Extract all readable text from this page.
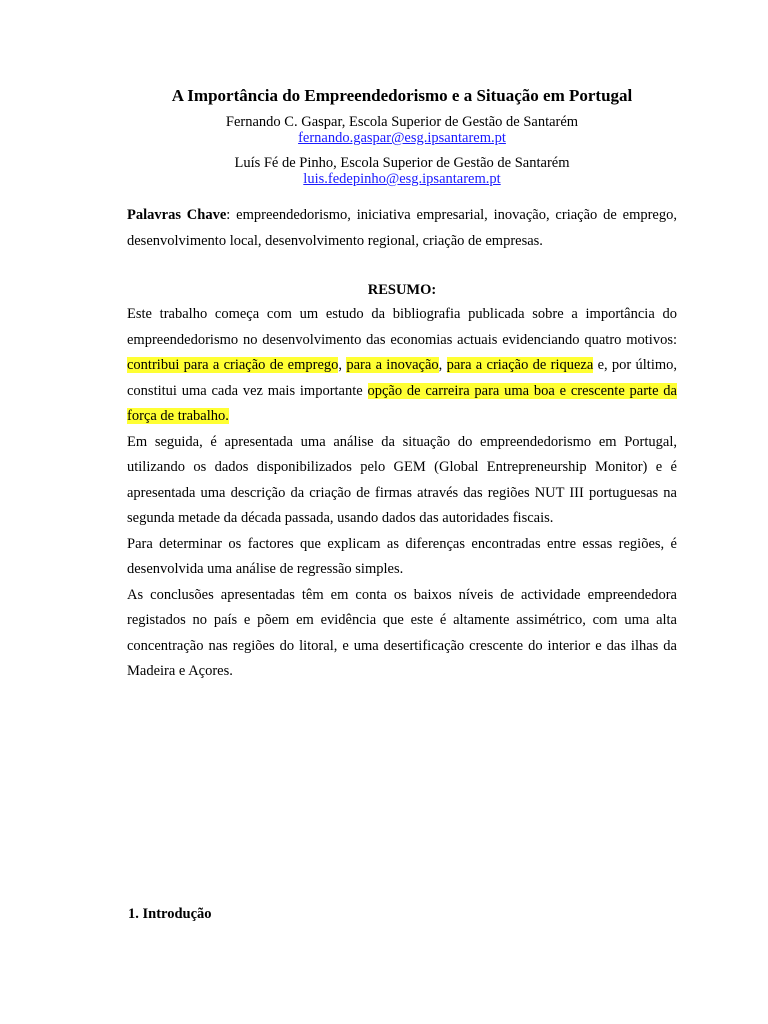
A Importância do Empreendedorismo e a Situação em Portugal
Fernando C. Gaspar, Escola Superior de Gestão de Santarém
fernando.gaspar@esg.ipsantarem.pt
Luís Fé de Pinho, Escola Superior de Gestão de Santarém
luis.fedepinho@esg.ipsantarem.pt
Palavras Chave: empreendedorismo, iniciativa empresarial, inovação, criação de emprego, desenvolvimento local, desenvolvimento regional, criação de empresas.
RESUMO:

Este trabalho começa com um estudo da bibliografia publicada sobre a importância do empreendedorismo no desenvolvimento das economias actuais evidenciando quatro motivos: contribui para a criação de emprego, para a inovação, para a criação de riqueza e, por último, constitui uma cada vez mais importante opção de carreira para uma boa e crescente parte da força de trabalho.

Em seguida, é apresentada uma análise da situação do empreendedorismo em Portugal, utilizando os dados disponibilizados pelo GEM (Global Entrepreneurship Monitor) e é apresentada uma descrição da criação de firmas através das regiões NUT III portuguesas na segunda metade da década passada, usando dados das autoridades fiscais.

Para determinar os factores que explicam as diferenças encontradas entre essas regiões, é desenvolvida uma análise de regressão simples.

As conclusões apresentadas têm em conta os baixos níveis de actividade empreendedora registados no país e põem em evidência que este é altamente assimétrico, com uma alta concentração nas regiões do litoral, e uma desertificação crescente do interior e das ilhas da Madeira e Açores.

1. Introdução
